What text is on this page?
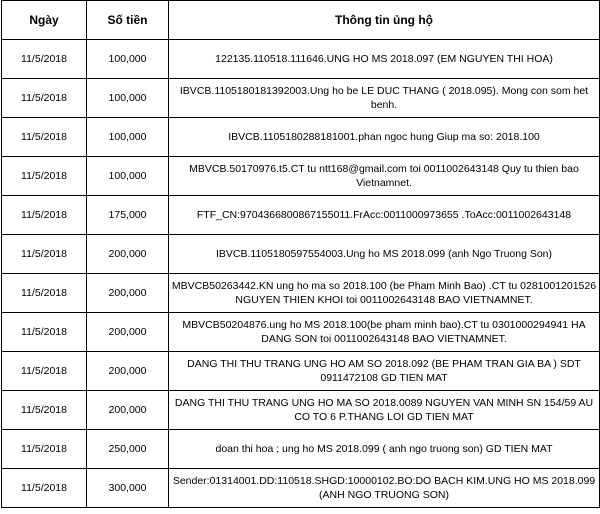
Ngày	Số tiền	Thông tin ủng hộ
11/5/2018	100,000	122135.110518.111646.UNG HO MS 2018.097 (EM NGUYEN THI HOA)
11/5/2018	100,000	IBVCB.1105180181392003.Ung ho be LE DUC THANG ( 2018.095). Mong con som het benh.
11/5/2018	100,000	IBVCB.1105180288181001.phan ngoc hung Giup ma so: 2018.100
11/5/2018	100,000	MBVCB.50170976.t5.CT tu ntt168@gmail.com toi 0011002643148 Quy tu thien bao Vietnamnet.
11/5/2018	175,000	FTF_CN:9704366800867155011.FrAcc:0011000973655 .ToAcc:0011002643148
11/5/2018	200,000	IBVCB.1105180597554003.Ung ho MS 2018.099 (anh Ngo Truong Son)
11/5/2018	200,000	MBVCB50263442.KN ung ho ma so 2018.100 (be Pham Minh Bao) .CT tu 0281001201526 NGUYEN THIEN KHOI toi 0011002643148 BAO VIETNAMNET.
11/5/2018	200,000	MBVCB50204876.ung ho MS 2018.100(be pham minh bao).CT tu 0301000294941 HA DANG SON toi 0011002643148 BAO VIETNAMNET.
11/5/2018	200,000	DANG THI THU TRANG UNG HO AM SO 2018.092 (BE PHAM TRAN GIA BA ) SDT 0911472108 GD TIEN MAT
11/5/2018	200,000	DANG THI THU TRANG UNG HO MA SO 2018.0089 NGUYEN VAN MINH SN 154/59 AU CO TO 6 P.THANG LOI GD TIEN MAT
11/5/2018	250,000	doan thi hoa ; ung ho MS 2018.099 ( anh ngo truong son) GD TIEN MAT
11/5/2018	300,000	Sender:01314001.DD:110518.SHGD:10000102.BO:DO BACH KIM.UNG HO MS 2018.099 (ANH NGO TRUONG SON)
